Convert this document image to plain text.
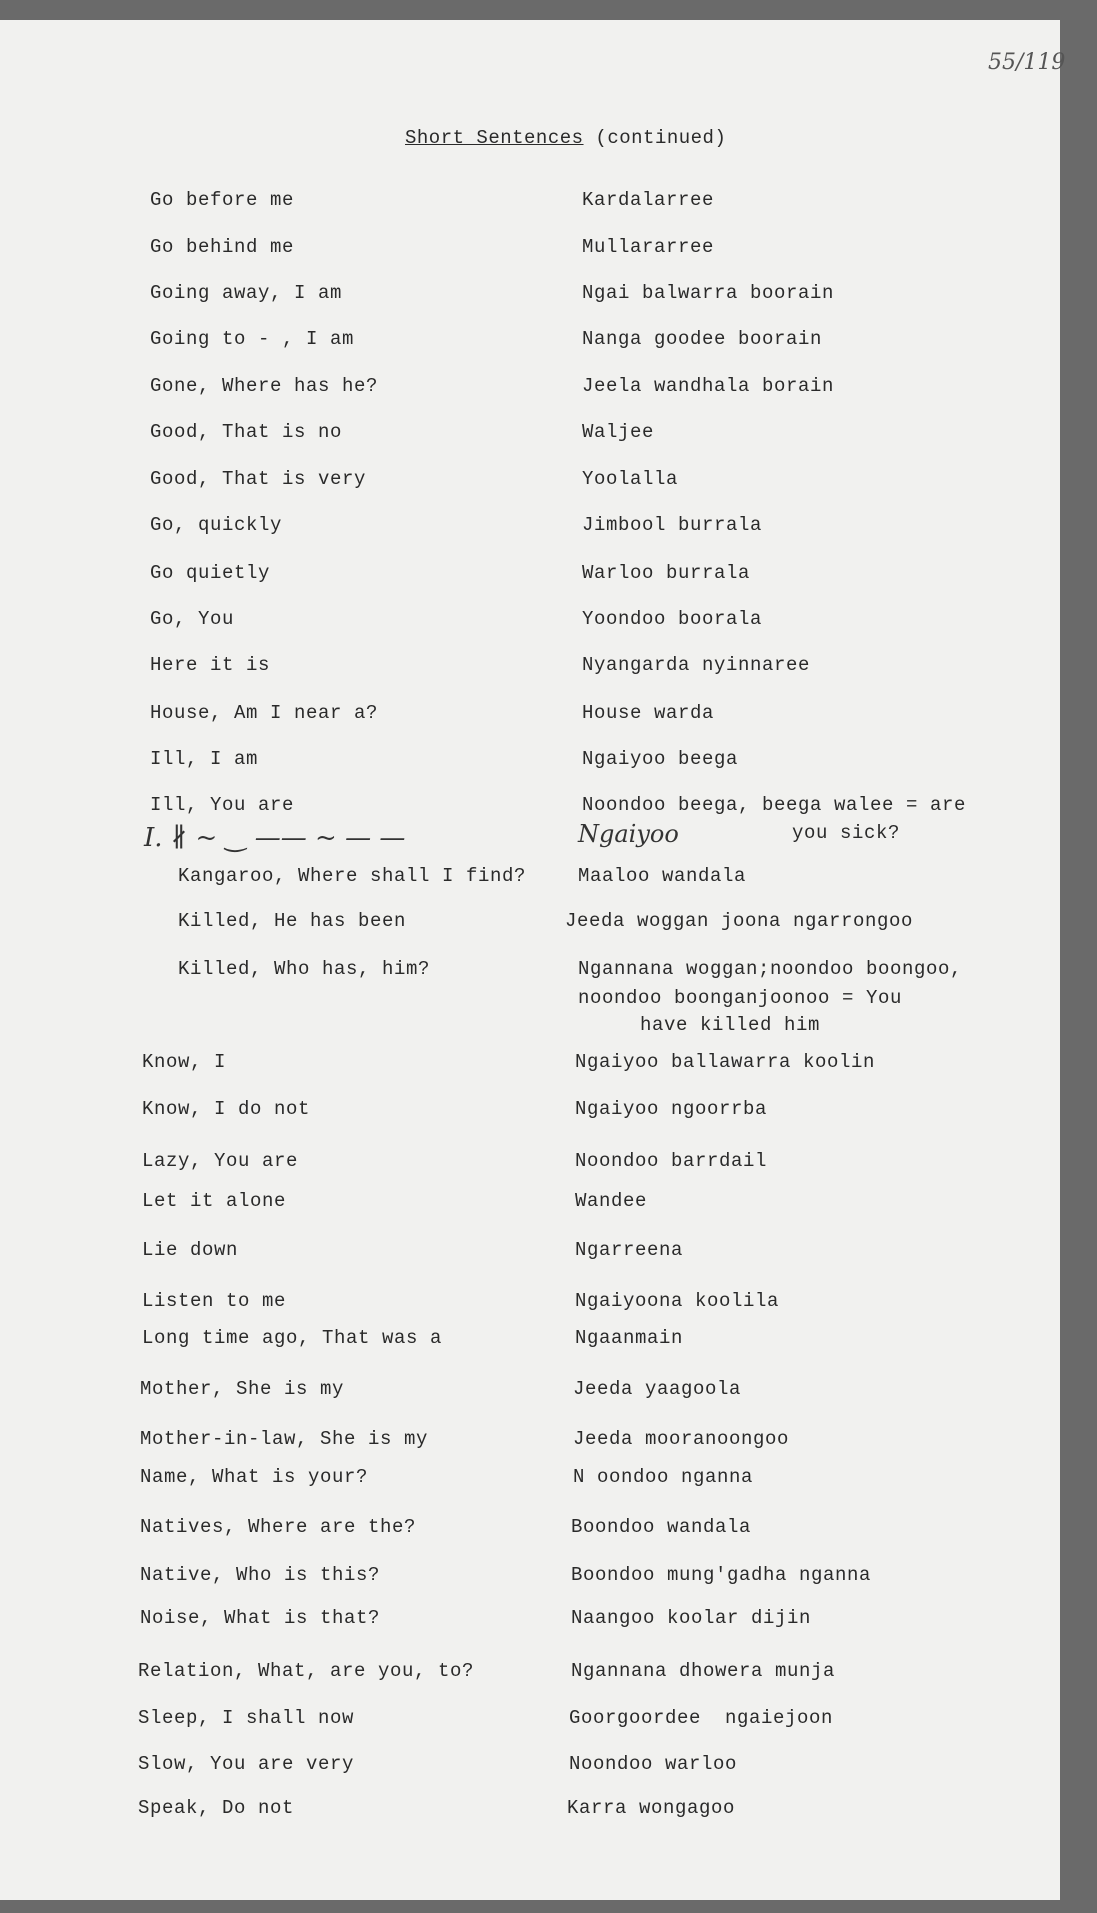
55/119
Short Sentences (continued)
Go before me	Kardalarree
Go behind me	Mullararree
Going away, I am	Ngai balwarra boorain
Going to - , I am	Nanga goodee boorain
Gone, Where has he?	Jeela wandhala borain
Good, That is no	Waljee
Good, That is very	Yoolalla
Go, quickly	Jimbool burrala
Go quietly	Warloo burrala
Go, You	Yoondoo boorala
Here it is	Nyangarda nyinnaree
House, Am I near a?	House warda
Ill, I am	Ngaiyoo beega
Ill, You are	Noondoo beega, beega walee = are
you sick?
I. ∦ ~ ‿ —— ~ — —	Ngaiyoo
Kangaroo, Where shall I find?	Maaloo wandala
Killed, He has been	Jeeda woggan joona ngarrongoo
Killed, Who has, him?	Ngannana woggan;noondoo boongoo,
noondoo boonganjoonoo = You
have killed him
Know, I	Ngaiyoo ballawarra koolin
Know, I do not	Ngaiyoo ngoorrba
Lazy, You are	Noondoo barrdail
Let it alone	Wandee
Lie down	Ngarreena
Listen to me	Ngaiyoona koolila
Long time ago, That was a	Ngaanmain
Mother, She is my	Jeeda yaagoola
Mother-in-law, She is my	Jeeda mooranoongoo
Name, What is your?	N oondoo nganna
Natives, Where are the?	Boondoo wandala
Native, Who is this?	Boondoo mung'gadha nganna
Noise, What is that?	Naangoo koolar dijin
Relation, What, are you, to?	Ngannana dhowera munja
Sleep, I shall now	Goorgoordee  ngaiejoon
Slow, You are very	Noondoo warloo
Speak, Do not	Karra wongagoo
